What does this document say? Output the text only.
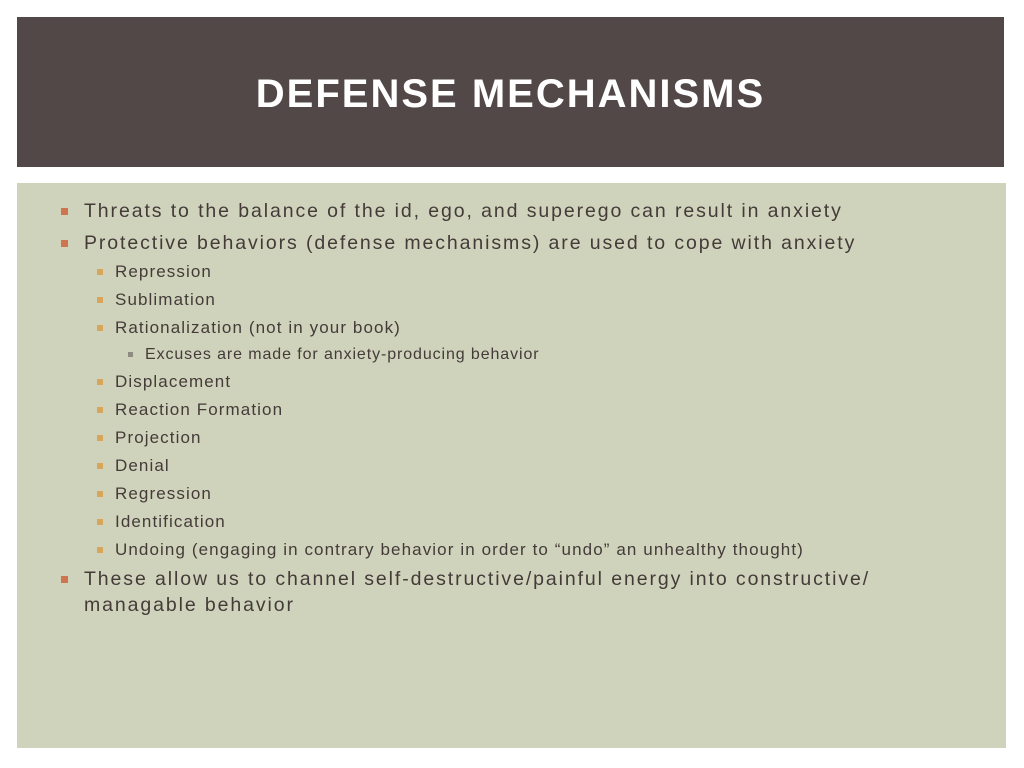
DEFENSE MECHANISMS
Threats to the balance of the id, ego, and superego can result in anxiety
Protective behaviors (defense mechanisms) are used to cope with anxiety
Repression
Sublimation
Rationalization (not in your book)
Excuses are made for anxiety-producing behavior
Displacement
Reaction Formation
Projection
Denial
Regression
Identification
Undoing (engaging in contrary behavior in order to “undo” an unhealthy thought)
These allow us to channel self-destructive/painful energy into constructive/ managable behavior
